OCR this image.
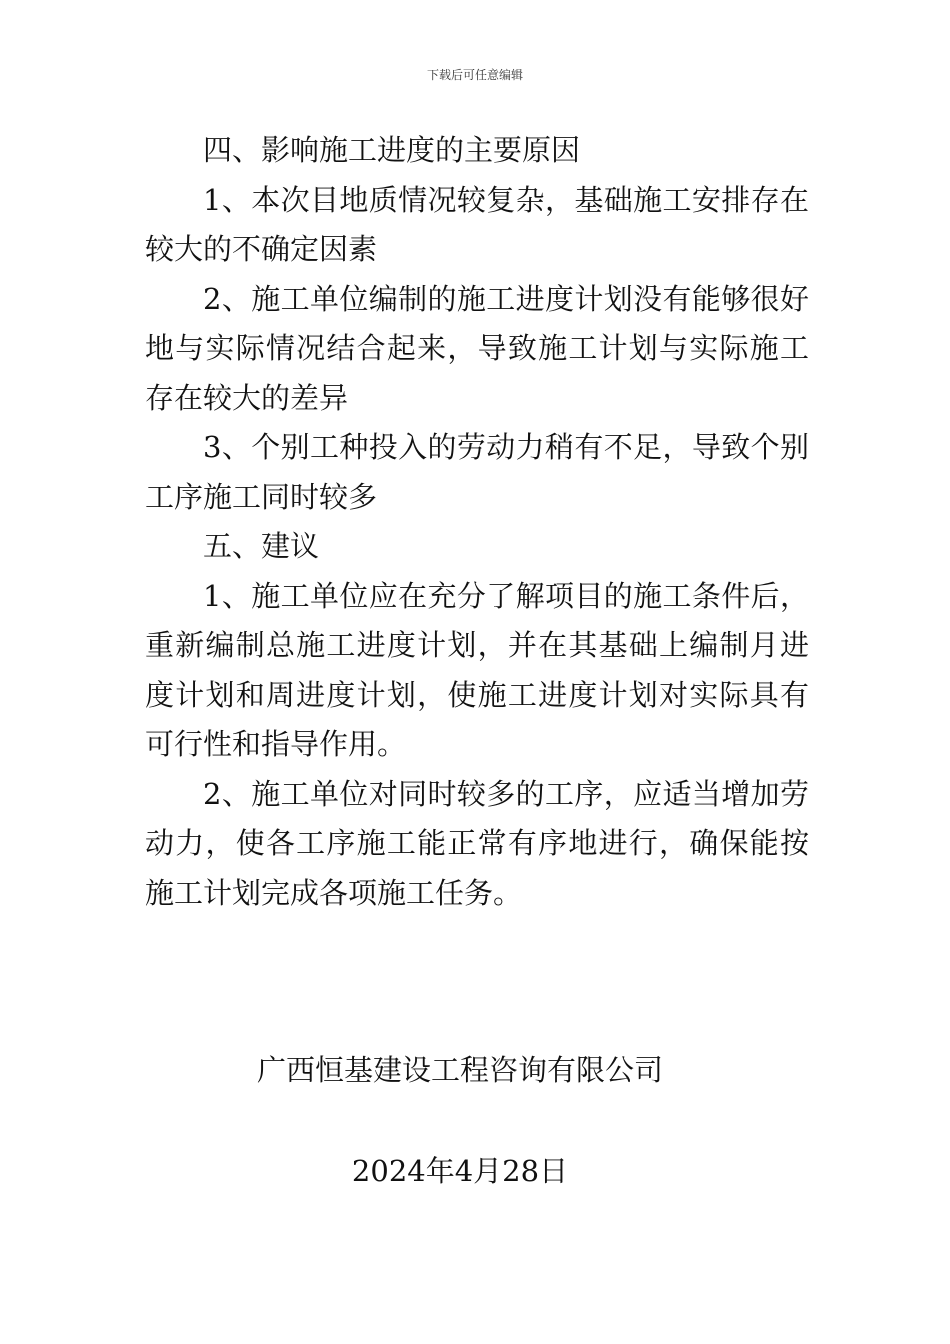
下载后可任意编辑

四、影响施工进度的主要原因

1、本次目地质情况较复杂，基础施工安排存在较大的不确定因素

2、施工单位编制的施工进度计划没有能够很好地与实际情况结合起来，导致施工计划与实际施工存在较大的差异

3、个别工种投入的劳动力稍有不足，导致个别工序施工同时较多

五、建议

1、施工单位应在充分了解项目的施工条件后，重新编制总施工进度计划，并在其基础上编制月进度计划和周进度计划，使施工进度计划对实际具有可行性和指导作用。

2、施工单位对同时较多的工序，应适当增加劳动力，使各工序施工能正常有序地进行，确保能按施工计划完成各项施工任务。

广西恒基建设工程咨询有限公司
2024年4月28日
